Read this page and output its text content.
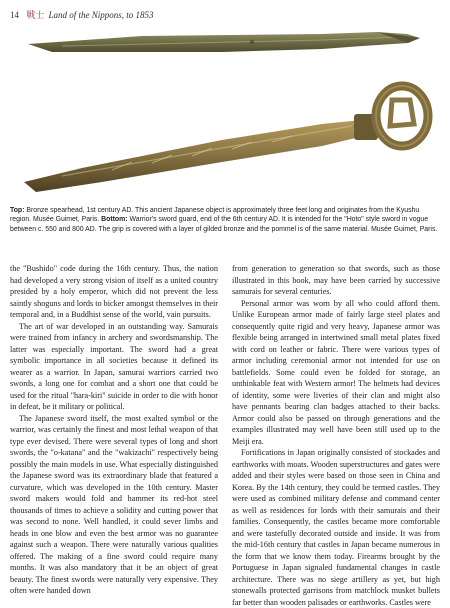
14 戦士 Land of the Nippons, to 1853
Top: Bronze spearhead, 1st century AD. This ancient Japanese object is approximately three feet long and originates from the Kyushu region. Musée Guimet, Paris. Bottom: Warrior's sword guard, end of the 6th century AD. It is intended for the "Hoto" style sword in vogue between c. 550 and 800 AD. The grip is covered with a layer of gilded bronze and the pommel is of the same material. Musée Guimet, Paris.

the "Bushido" code during the 16th century. Thus, the nation had developed a very strong vision of itself as a united country presided by a holy emperor, which did not prevent the less saintly shoguns and lords to bicker amongst themselves in their temporal and, in a Buddhist sense of the world, vain pursuits.

The art of war developed in an outstanding way. Samurais were trained from infancy in archery and swordsmanship. The latter was especially important. The sword had a great symbolic importance in all societies because it defined its wearer as a warrior. In Japan, samurai warriors carried two swords, a long one for combat and a short one that could be used for the ritual "hara-kiri" suicide in order to die with honor in defeat, be it military or political.

The Japanese sword itself, the most exalted symbol or the warrior, was certainly the finest and most lethal weapon of that type ever devised. There were several types of long and short swords, the "o-katana" and the "wakizachi" respectively being possibly the main models in use. What especially distinguished the Japanese sword was its extraordinary blade that featured a curvature, which was developed in the 10th century. Master sword makers would fold and hammer its red-hot steel thousands of times to achieve a solidity and cutting power that was second to none. Well handled, it could sever limbs and heads in one blow and even the best armor was no guarantee against such a weapon. There were naturally various qualities offered. The making of a fine sword could require many months. It was also mandatory that it be an object of great beauty. The finest swords were naturally very expensive. They often were handed down

from generation to generation so that swords, such as those illustrated in this book, may have been carried by successive samurais for several centuries.

Personal armor was worn by all who could afford them. Unlike European armor made of fairly large steel plates and consequently quite rigid and very heavy, Japanese armor was flexible being arranged in intertwined small metal plates fixed with cord on leather or fabric. There were various types of armor including ceremonial armor not intended for use on battlefields. Some could even be folded for storage, an unthinkable feat with Western armor! The helmets had devices of identity, some were liveries of their clan and might also have pennants bearing clan badges attached to their backs. Armor could also be passed on through generations and the examples illustrated may well have been still used up to the Meiji era.

Fortifications in Japan originally consisted of stockades and earthworks with moats. Wooden superstructures and gates were added and their styles were based on those seen in China and Korea. By the 14th century, they could be termed castles. They were used as combined military defense and command center as well as residences for lords with their samurais and their families. Consequently, the castles became more comfortable and were tastefully decorated outside and inside. It was from the mid-16th century that castles in Japan became numerous in the form that we know them today. Firearms brought by the Portuguese in Japan signaled fundamental changes in castle architecture. There was no siege artillery as yet, but high stonewalls protected garrisons from matchlock musket bullets far better than wooden palisades or earthworks. Castles were
